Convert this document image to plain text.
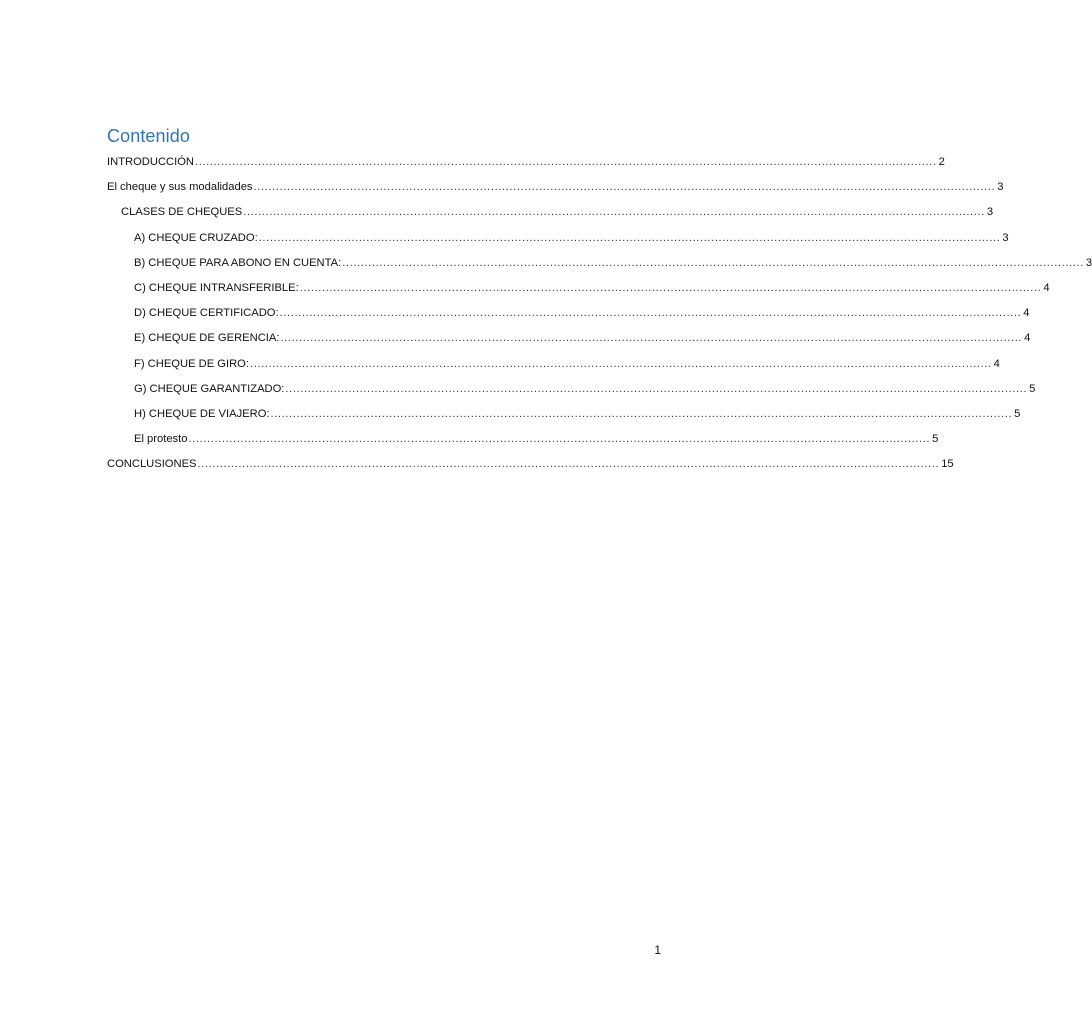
Contenido
INTRODUCCIÓN ........................................................................................................................................................................................................ 2
El cheque y sus modalidades ........................................................................................................................................................................................................ 3
CLASES DE CHEQUES ........................................................................................................................................................................................................ 3
A) CHEQUE CRUZADO: ........................................................................................................................................................................................................ 3
B) CHEQUE PARA ABONO EN CUENTA: ........................................................................................................................................................................................................ 3
C) CHEQUE INTRANSFERIBLE: ........................................................................................................................................................................................................ 4
D) CHEQUE CERTIFICADO: ........................................................................................................................................................................................................ 4
E) CHEQUE DE GERENCIA: ........................................................................................................................................................................................................ 4
F) CHEQUE DE GIRO: ........................................................................................................................................................................................................ 4
G) CHEQUE GARANTIZADO: ........................................................................................................................................................................................................ 5
H) CHEQUE DE VIAJERO: ........................................................................................................................................................................................................ 5
El protesto ........................................................................................................................................................................................................ 5
CONCLUSIONES ........................................................................................................................................................................................................ 15
1
